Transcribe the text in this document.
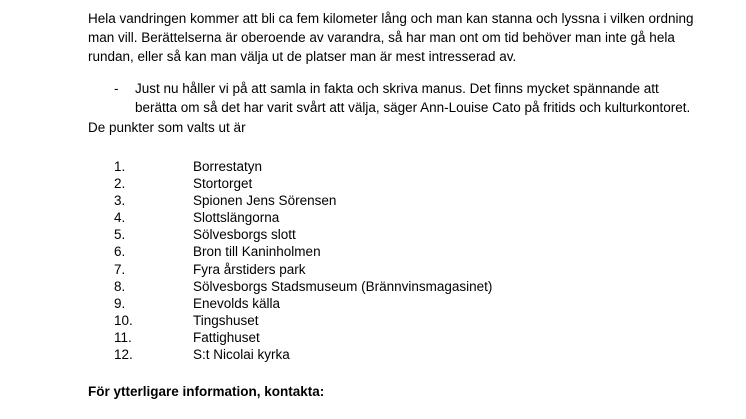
Hela vandringen kommer att bli ca fem kilometer lång och man kan stanna och lyssna i vilken ordning
man vill. Berättelserna är oberoende av varandra, så har man ont om tid behöver man inte gå hela
rundan, eller så kan man välja ut de platser man är mest intresserad av.
- Just nu håller vi på att samla in fakta och skriva manus. Det finns mycket spännande att
berätta om så det har varit svårt att välja, säger Ann-Louise Cato på fritids och kulturkontoret.
De punkter som valts ut är
1.	Borrestatyn
2.	Stortorget
3.	Spionen Jens Sörensen
4.	Slottslängorna
5.	Sölvesborgs slott
6.	Bron till Kaninholmen
7.	Fyra årstiders park
8.	Sölvesborgs Stadsmuseum (Brännvinsmagasinet)
9.	Enevolds källa
10.	Tingshuset
11.	Fattighuset
12.	S:t Nicolai kyrka
För ytterligare information, kontakta:
